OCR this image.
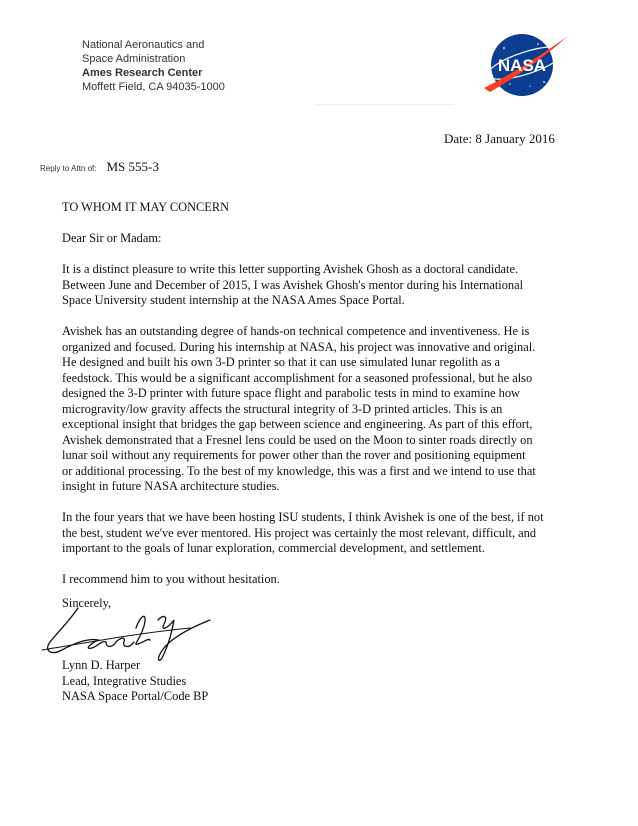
National Aeronautics and
Space Administration
Ames Research Center
Moffett Field, CA 94035-1000
NASA
Date: 8 January 2016
Reply to Attn of: MS 555-3

TO WHOM IT MAY CONCERN

Dear Sir or Madam:

It is a distinct pleasure to write this letter supporting Avishek Ghosh as a doctoral candidate.
Between June and December of 2015, I was Avishek Ghosh's mentor during his International
Space University student internship at the NASA Ames Space Portal.

Avishek has an outstanding degree of hands-on technical competence and inventiveness. He is
organized and focused. During his internship at NASA, his project was innovative and original.
He designed and built his own 3-D printer so that it can use simulated lunar regolith as a
feedstock. This would be a significant accomplishment for a seasoned professional, but he also
designed the 3-D printer with future space flight and parabolic tests in mind to examine how
microgravity/low gravity affects the structural integrity of 3-D printed articles. This is an
exceptional insight that bridges the gap between science and engineering. As part of this effort,
Avishek demonstrated that a Fresnel lens could be used on the Moon to sinter roads directly on
lunar soil without any requirements for power other than the rover and positioning equipment
or additional processing. To the best of my knowledge, this was a first and we intend to use that
insight in future NASA architecture studies.

In the four years that we have been hosting ISU students, I think Avishek is one of the best, if not
the best, student we've ever mentored. His project was certainly the most relevant, difficult, and
important to the goals of lunar exploration, commercial development, and settlement.

I recommend him to you without hesitation.

Sincerely,
Lynn D. Harper
Lead, Integrative Studies
NASA Space Portal/Code BP
